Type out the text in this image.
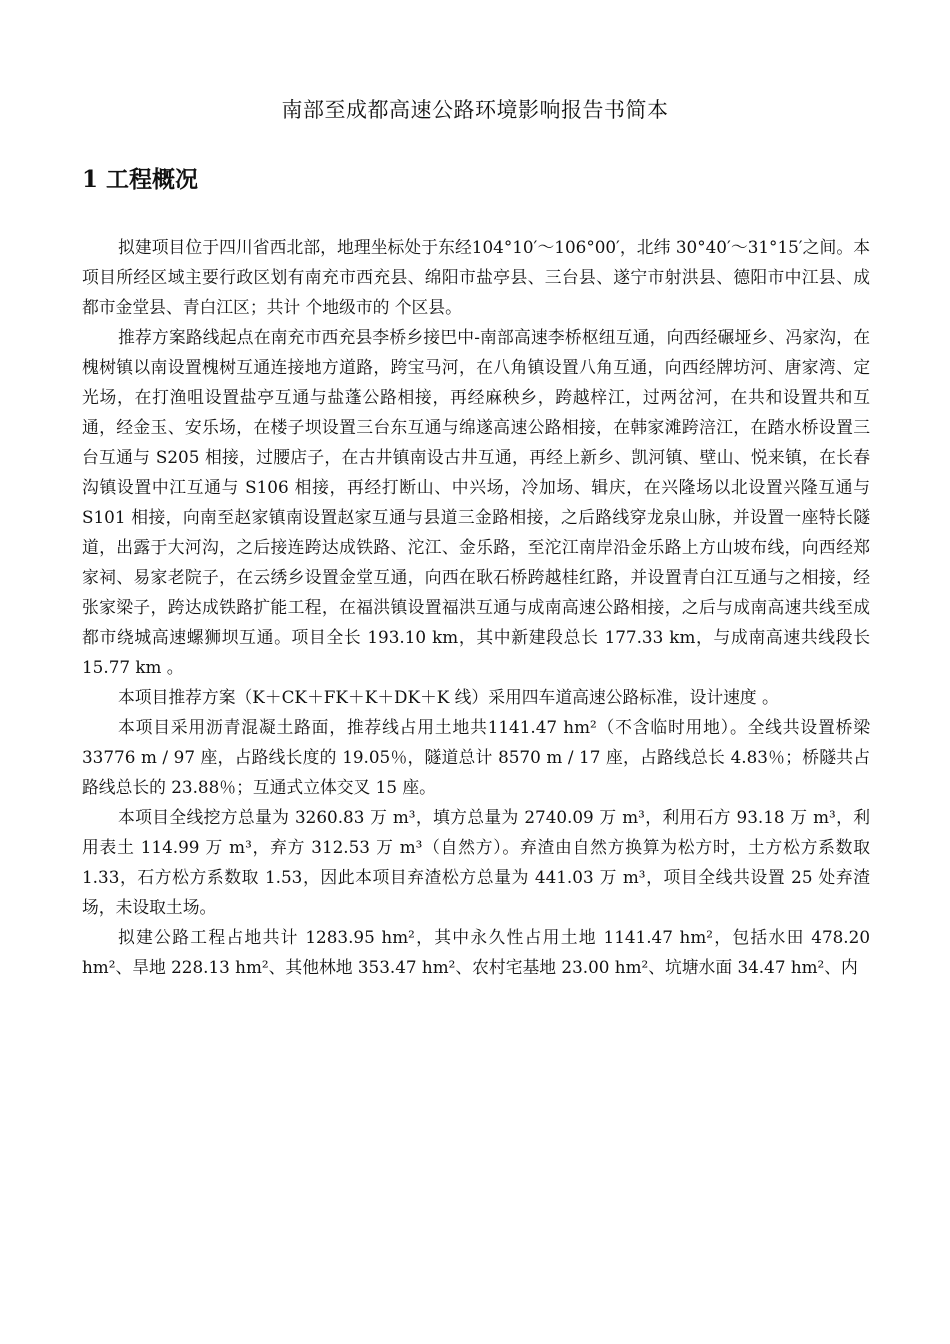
南部至成都高速公路环境影响报告书简本
1 工程概况

拟建项目位于四川省西北部，地理坐标处于东经104°10′～106°00′，北纬 30°40′～31°15′之间。本项目所经区域主要行政区划有南充市西充县、绵阳市盐亭县、三台县、遂宁市射洪县、德阳市中江县、成都市金堂县、青白江区；共计 个地级市的 个区县。

推荐方案路线起点在南充市西充县李桥乡接巴中-南部高速李桥枢纽互通，向西经碾垭乡、冯家沟，在槐树镇以南设置槐树互通连接地方道路，跨宝马河，在八角镇设置八角互通，向西经牌坊河、唐家湾、定光场，在打渔咀设置盐亭互通与盐蓬公路相接，再经麻秧乡，跨越梓江，过两岔河，在共和设置共和互通，经金玉、安乐场，在楼子坝设置三台东互通与绵遂高速公路相接，在韩家滩跨涪江，在踏水桥设置三台互通与 S205 相接，过腰店子，在古井镇南设古井互通，再经上新乡、凯河镇、壁山、悦来镇，在长春沟镇设置中江互通与 S106 相接，再经打断山、中兴场，冷加场、辑庆，在兴隆场以北设置兴隆互通与 S101 相接，向南至赵家镇南设置赵家互通与县道三金路相接，之后路线穿龙泉山脉，并设置一座特长隧道，出露于大河沟，之后接连跨达成铁路、沱江、金乐路，至沱江南岸沿金乐路上方山坡布线，向西经郑家祠、易家老院子，在云绣乡设置金堂互通，向西在耿石桥跨越桂红路，并设置青白江互通与之相接，经张家梁子，跨达成铁路扩能工程，在福洪镇设置福洪互通与成南高速公路相接，之后与成南高速共线至成都市绕城高速螺狮坝互通。项目全长 193.10 km，其中新建段总长 177.33 km，与成南高速共线段长 15.77 km 。

本项目推荐方案（K＋CK＋FK＋K＋DK＋K 线）采用四车道高速公路标准，设计速度 。

本项目采用沥青混凝土路面，推荐线占用土地共1141.47 hm²（不含临时用地）。全线共设置桥梁 33776 m / 97 座，占路线长度的 19.05％，隧道总计 8570 m / 17 座，占路线总长 4.83％；桥隧共占路线总长的 23.88％；互通式立体交叉 15 座。

本项目全线挖方总量为 3260.83 万 m³，填方总量为 2740.09 万 m³，利用石方 93.18 万 m³，利用表土 114.99 万 m³，弃方 312.53 万 m³（自然方）。弃渣由自然方换算为松方时，土方松方系数取 1.33，石方松方系数取 1.53，因此本项目弃渣松方总量为 441.03 万 m³，项目全线共设置 25 处弃渣场，未设取土场。

拟建公路工程占地共计 1283.95 hm²，其中永久性占用土地 1141.47 hm²，包括水田 478.20 hm²、旱地 228.13 hm²、其他林地 353.47 hm²、农村宅基地 23.00 hm²、坑塘水面 34.47 hm²、内
